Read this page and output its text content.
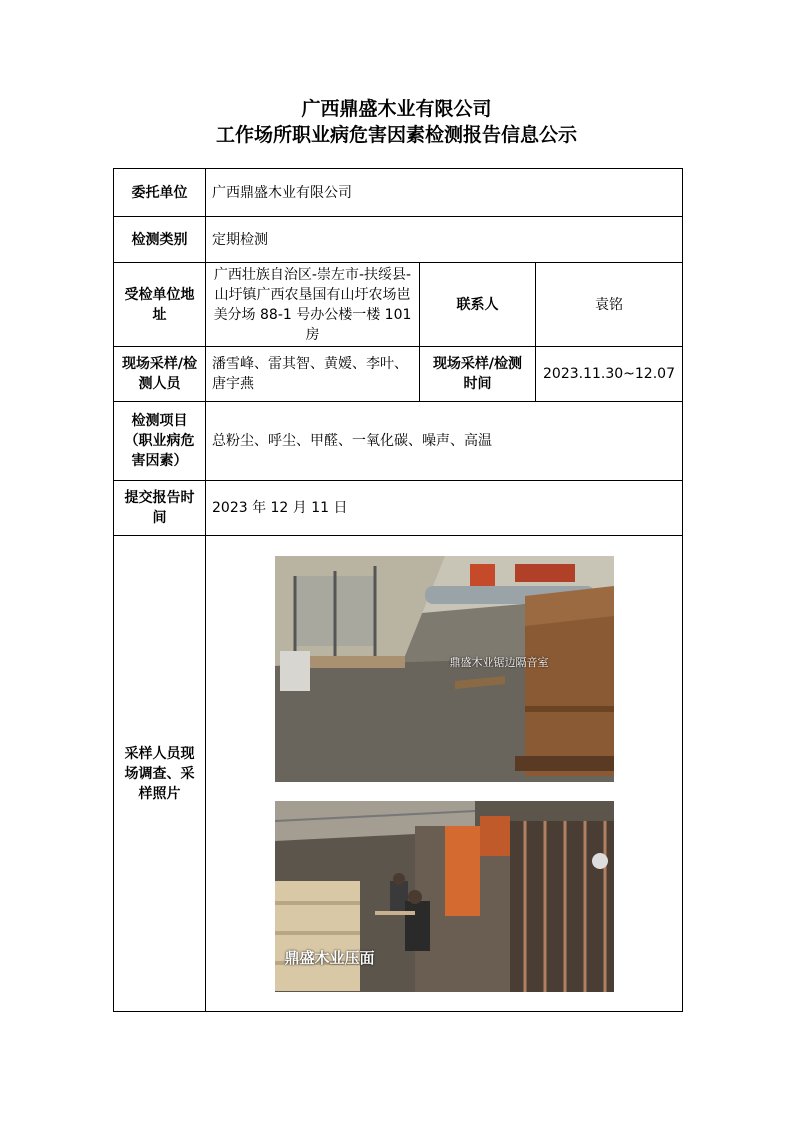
广西鼎盛木业有限公司
工作场所职业病危害因素检测报告信息公示
委托单位	广西鼎盛木业有限公司		
检测类别	定期检测		
受检单位地址	广西壮族自治区-崇左市-扶绥县-山圩镇广西农垦国有山圩农场岜美分场 88-1 号办公楼一楼 101 房	联系人	袁铭
现场采样/检测人员	潘雪峰、雷其智、黄嫒、李叶、唐宇燕	现场采样/检测时间	2023.11.30~12.07
检测项目（职业病危害因素）	总粉尘、呼尘、甲醛、一氧化碳、噪声、高温		
提交报告时间	2023 年 12 月 11 日		
采样人员现场调查、采样照片	鼎盛木业锯边隔音室
鼎盛木业压面		
